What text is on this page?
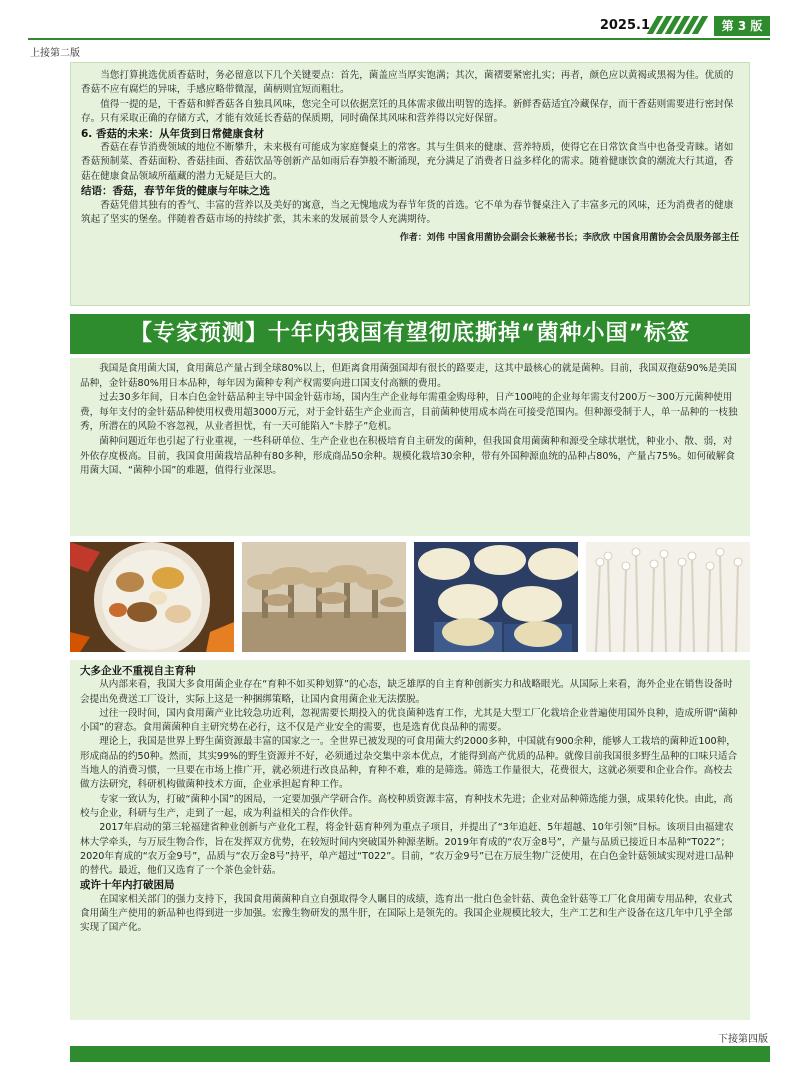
2025.1	第 3 版
上接第二版

当您打算挑选优质香菇时，务必留意以下几个关键要点：首先，菌盖应当厚实饱满；其次，菌褶要紧密扎实；再者，颜色应以黄褐或黑褐为佳。优质的香菇不应有腐烂的异味，手感应略带微湿，菌柄则宜短而粗壮。

值得一提的是，干香菇和鲜香菇各自独具风味，您完全可以依据烹饪的具体需求做出明智的选择。新鲜香菇适宜冷藏保存，而干香菇则需要进行密封保存。只有采取正确的存储方式，才能有效延长香菇的保质期，同时确保其风味和营养得以完好保留。

6. 香菇的未来：从年货到日常健康食材

香菇在春节消费领域的地位不断攀升，未来极有可能成为家庭餐桌上的常客。其与生俱来的健康、营养特质，使得它在日常饮食当中也备受青睐。诸如香菇预制菜、香菇面粉、香菇挂面、香菇饮品等创新产品如雨后春笋般不断涌现，充分满足了消费者日益多样化的需求。随着健康饮食的潮流大行其道，香菇在健康食品领域所蕴藏的潜力无疑是巨大的。

结语：香菇，春节年货的健康与年味之选

香菇凭借其独有的香气、丰富的营养以及美好的寓意，当之无愧地成为春节年货的首选。它不单为春节餐桌注入了丰富多元的风味，还为消费者的健康筑起了坚实的堡垒。伴随着香菇市场的持续扩张，其未来的发展前景令人充满期待。

作者：刘伟 中国食用菌协会副会长兼秘书长；李欣欣 中国食用菌协会会员服务部主任

【专家预测】十年内我国有望彻底撕掉“菌种小国”标签

我国是食用菌大国，食用菌总产量占到全球80%以上，但距离食用菌强国却有很长的路要走，这其中最核心的就是菌种。目前，我国双孢菇90%是美国品种，金针菇80%用日本品种，每年因为菌种专利产权需要向进口国支付高额的费用。

过去30多年间，日本白色金针菇品种主导中国金针菇市场，国内生产企业每年需重金购母种，日产100吨的企业每年需支付200万～300万元菌种使用费，每年支付的金针菇品种使用权费用超3000万元，对于金针菇生产企业而言，目前菌种使用成本尚在可接受范围内。但种源受制于人，单一品种的一枝独秀，所潜在的风险不容忽视，从业者担忧，有一天可能陷入“卡脖子”危机。

菌种问题近年也引起了行业重视，一些科研单位、生产企业也在积极培育自主研发的菌种，但我国食用菌菌种和源受全球状堪忧，种业小、散、弱，对外依存度极高。目前，我国食用菌栽培品种有80多种，形成商品50余种。规模化栽培30余种，带有外国种源血统的品种占80%，产量占75%。如何破解食用菌大国、“菌种小国”的难题，值得行业深思。

大多企业不重视自主育种

从内部来看，我国大多食用菌企业存在“育种不如买种划算”的心态，缺乏雄厚的自主育种创新实力和战略眼光。从国际上来看，海外企业在销售设备时会提出免费送工厂设计，实际上这是一种捆绑策略，让国内食用菌企业无法摆脱。

过往一段时间，国内食用菌产业比较急功近利，忽视需要长期投入的优良菌种选育工作，尤其是大型工厂化栽培企业普遍使用国外良种，造成所谓“菌种小国”的窘态。食用菌菌种自主研究势在必行，这不仅是产业安全的需要，也是选育优良品种的需要。

理论上，我国是世界上野生菌资源最丰富的国家之一。全世界已被发现的可食用菌大约2000多种，中国就有900余种，能够人工栽培的菌种近100种，形成商品的约50种。然而，其实99%的野生资源并不好，必须通过杂交集中亲本优点，才能得到高产优质的品种。就像目前我国很多野生品种的口味只适合当地人的消费习惯，一旦要在市场上推广开，就必须进行改良品种，育种不难，难的是筛选。筛选工作量很大，花费很大，这就必须要和企业合作。高校去做方法研究，科研机构做菌种技术方面，企业承担起育种工作。

专家一致认为，打破“菌种小国”的困局，一定要加强产学研合作。高校种质资源丰富，育种技术先进；企业对品种筛选能力强，成果转化快。由此，高校与企业，科研与生产，走到了一起，成为利益相关的合作伙伴。

2017年启动的第三轮福建省种业创新与产业化工程，将金针菇育种列为重点子项目，并提出了“3年追赶、5年超越、10年引领”目标。该项目由福建农林大学牵头，与万辰生物合作，旨在发挥双方优势，在较短时间内突破国外种源垄断。2019年育成的“农万金8号”，产量与品质已接近日本品种“T022”；2020年育成的“农万金9号”，品质与“农万金8号”持平，单产超过“T022”。目前，“农万金9号”已在万辰生物广泛使用，在白色金针菇领域实现对进口品种的替代。最近，他们又选育了一个茶色金针菇。

或许十年内打破困局

在国家相关部门的强力支持下，我国食用菌菌种自立自强取得令人瞩目的成绩，选育出一批白色金针菇、黄色金针菇等工厂化食用菌专用品种，农业式食用菌生产使用的新品种也得到进一步加强。宏豫生物研发的黑牛肝，在国际上是领先的。我国企业规模比较大，生产工艺和生产设备在这几年中几乎全部实现了国产化。

下接第四版
